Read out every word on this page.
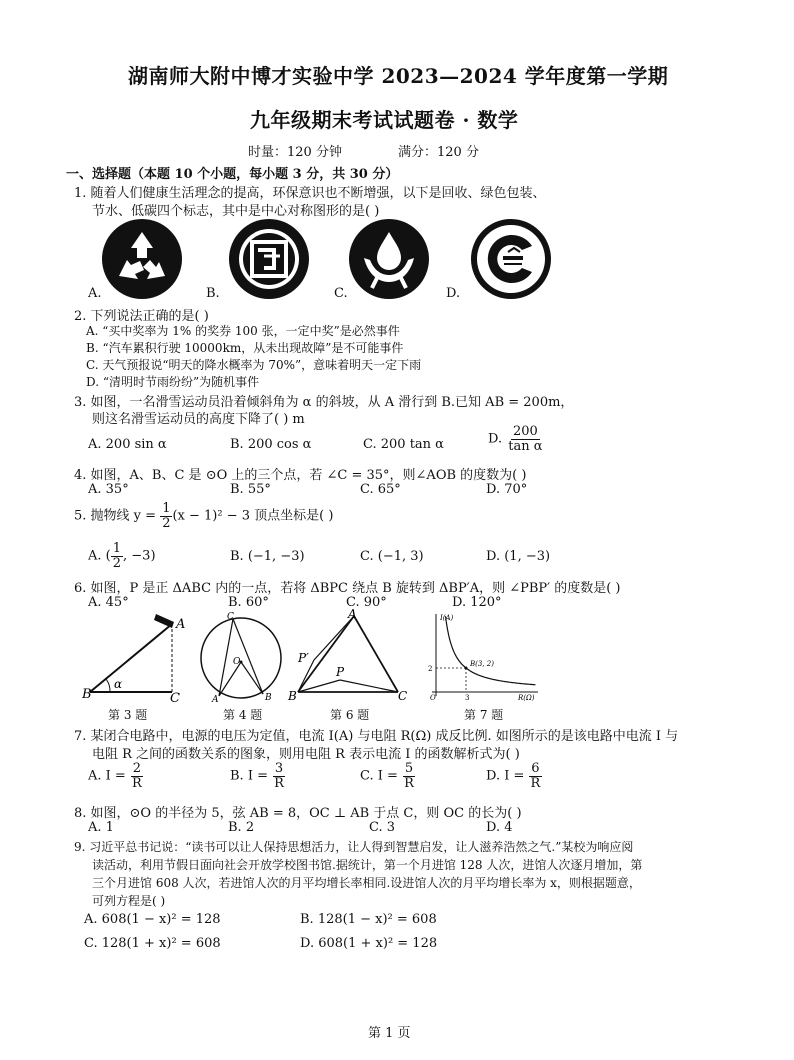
湖南师大附中博才实验中学 2023—2024 学年度第一学期
九年级期末考试试题卷 · 数学
时量：120 分钟	满分：120 分
一、选择题（本题 10 个小题，每小题 3 分，共 30 分）
1. 随着人们健康生活理念的提高，环保意识也不断增强，以下是回收、绿色包装、
节水、低碳四个标志，其中是中心对称图形的是( )
A.	B.	C.	D.
2. 下列说法正确的是( )
A. “买中奖率为 1% 的奖券 100 张，一定中奖”是必然事件
B. “汽车累积行驶 10000km，从未出现故障”是不可能事件
C. 天气预报说“明天的降水概率为 70%”，意味着明天一定下雨
D. “清明时节雨纷纷”为随机事件
3. 如图，一名滑雪运动员沿着倾斜角为 α 的斜坡，从 A 滑行到 B.已知 AB = 200m，
则这名滑雪运动员的高度下降了( ) m
A. 200 sin α	B. 200 cos α	C. 200 tan α	D. $\frac{200}{\text{tan α}}$
4. 如图，A、B、C 是 ⊙O 上的三个点，若 ∠C = 35°，则∠AOB 的度数为( )
A. 35°	B. 55°	C. 65°	D. 70°
5. 抛物线 $y = \frac{1}{2} (x - 1)^2 - 3$ 顶点坐标是( )
A. ( $\frac{1}{2}$ , −3)	B. (−1, −3)	C. (−1, 3)	D. (1, −3)
6. 如图，P 是正 ΔABC 内的一点，若将 ΔBPC 绕点 B 旋转到 ΔBP′A，则 ∠PBP′ 的度数是( )
A. 45°	B. 60°	C. 90°	D. 120°
A
B	C
α
第 3 题
C
O
A	B
第 4 题
A
B	C
P
P′
第 6 题
I(A)
R(Ω)
O
2
3
B(3, 2)
第 7 题
7. 某闭合电路中，电源的电压为定值，电流 I(A) 与电阻 R(Ω) 成反比例. 如图所示的是该电路中电流 I 与
电阻 R 之间的函数关系的图象，则用电阻 R 表示电流 I 的函数解析式为( )
A. $I = \frac{2}{R}$	B. $I = \frac{3}{R}$	C. $I = \frac{5}{R}$	D. $I = \frac{6}{R}$
8. 如图，⊙O 的半径为 5，弦 AB = 8，OC ⊥ AB 于点 C，则 OC 的长为( )
A. 1	B. 2	C. 3	D. 4
9. 习近平总书记说：“读书可以让人保持思想活力，让人得到智慧启发，让人滋养浩然之气.”某校为响应阅
读活动，利用节假日面向社会开放学校图书馆.据统计，第一个月进馆 128 人次，进馆人次逐月增加，第
三个月进馆 608 人次，若进馆人次的月平均增长率相同.设进馆人次的月平均增长率为 x，则根据题意，
可列方程是( )
A. 608(1 − x)² = 128	B. 128(1 − x)² = 608
C. 128(1 + x)² = 608	D. 608(1 + x)² = 128
第 1 页
